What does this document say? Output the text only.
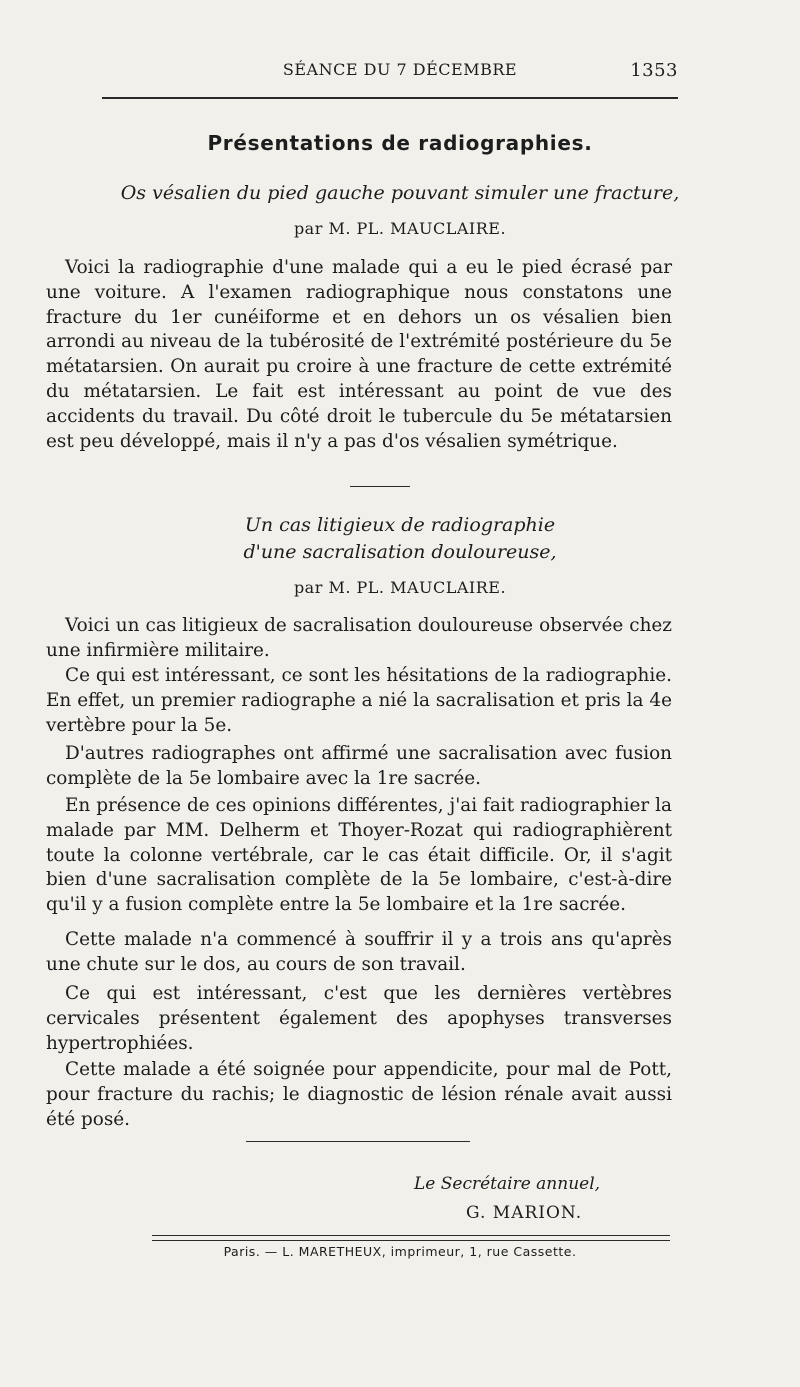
SÉANCE DU 7 DÉCEMBRE	1353
Présentations de radiographies.

Os vésalien du pied gauche pouvant simuler une fracture,

par M. PL. MAUCLAIRE.

Voici la radiographie d'une malade qui a eu le pied écrasé par une voiture. A l'examen radiographique nous constatons une fracture du 1er cunéiforme et en dehors un os vésalien bien arrondi au niveau de la tubérosité de l'extrémité postérieure du 5e métatarsien. On aurait pu croire à une fracture de cette extrémité du métatarsien. Le fait est intéressant au point de vue des accidents du travail. Du côté droit le tubercule du 5e métatarsien est peu développé, mais il n'y a pas d'os vésalien symétrique.

Un cas litigieux de radiographie

d'une sacralisation douloureuse,

par M. PL. MAUCLAIRE.

Voici un cas litigieux de sacralisation douloureuse observée chez une infirmière militaire.

Ce qui est intéressant, ce sont les hésitations de la radiographie. En effet, un premier radiographe a nié la sacralisation et pris la 4e vertèbre pour la 5e.

D'autres radiographes ont affirmé une sacralisation avec fusion complète de la 5e lombaire avec la 1re sacrée.

En présence de ces opinions différentes, j'ai fait radiographier la malade par MM. Delherm et Thoyer-Rozat qui radiographièrent toute la colonne vertébrale, car le cas était difficile. Or, il s'agit bien d'une sacralisation complète de la 5e lombaire, c'est-à-dire qu'il y a fusion complète entre la 5e lombaire et la 1re sacrée.

Cette malade n'a commencé à souffrir il y a trois ans qu'après une chute sur le dos, au cours de son travail.

Ce qui est intéressant, c'est que les dernières vertèbres cervicales présentent également des apophyses transverses hypertrophiées.

Cette malade a été soignée pour appendicite, pour mal de Pott, pour fracture du rachis; le diagnostic de lésion rénale avait aussi été posé.

Le Secrétaire annuel,

G. MARION.

Paris. — L. MARETHEUX, imprimeur, 1, rue Cassette.
